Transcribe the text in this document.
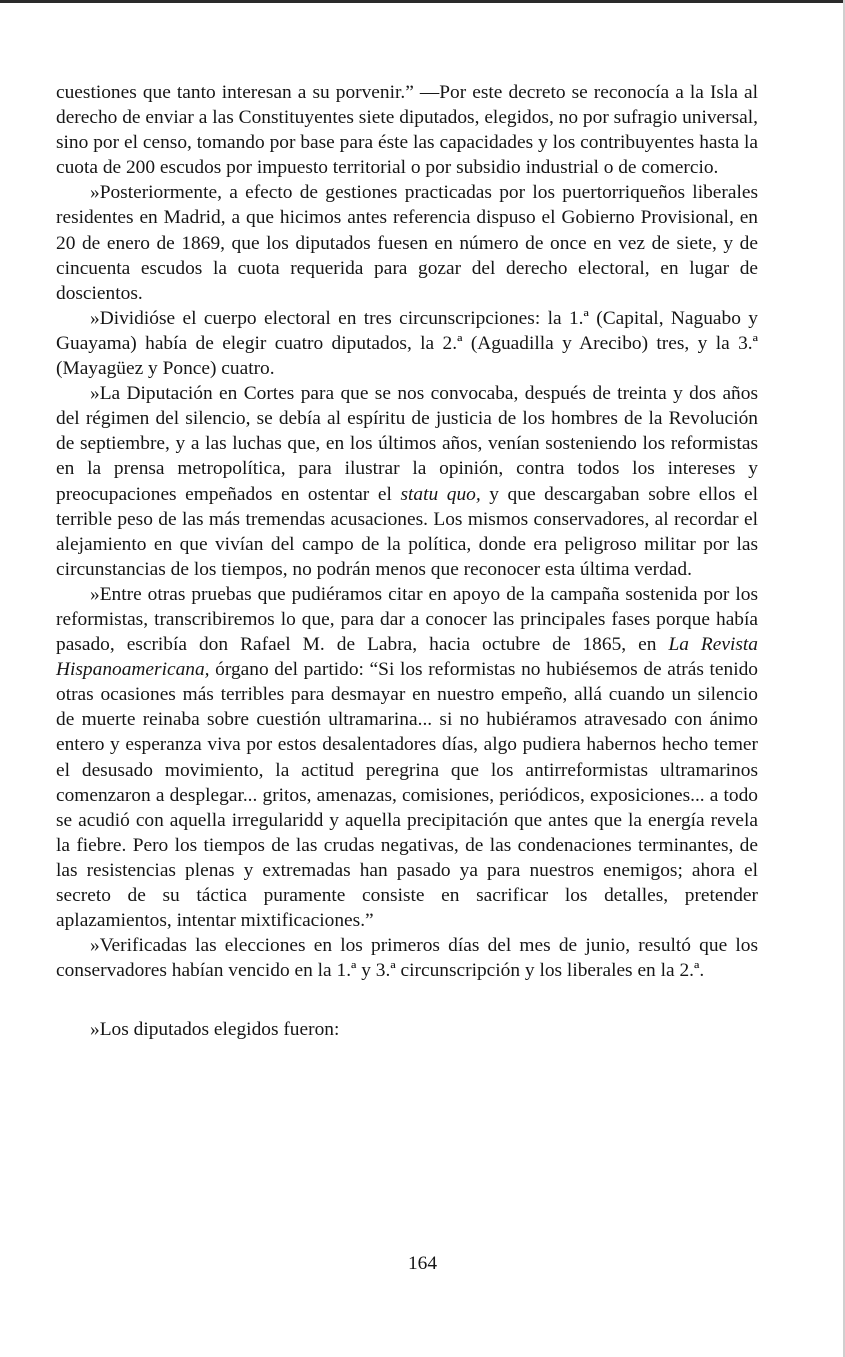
cuestiones que tanto interesan a su porvenir.” —Por este decreto se reconocía a la Isla al derecho de enviar a las Constituyentes siete diputados, elegidos, no por sufragio universal, sino por el censo, tomando por base para éste las capacidades y los contribuyentes hasta la cuota de 200 escudos por impuesto territorial o por subsidio industrial o de comercio.

»Posteriormente, a efecto de gestiones practicadas por los puertorriqueños liberales residentes en Madrid, a que hicimos antes referencia dispuso el Gobierno Provisional, en 20 de enero de 1869, que los diputados fuesen en número de once en vez de siete, y de cincuenta escudos la cuota requerida para gozar del derecho electoral, en lugar de doscientos.

»Dividióse el cuerpo electoral en tres circunscripciones: la 1.ª (Capital, Naguabo y Guayama) había de elegir cuatro diputados, la 2.ª (Aguadilla y Arecibo) tres, y la 3.ª (Mayagüez y Ponce) cuatro.

»La Diputación en Cortes para que se nos convocaba, después de treinta y dos años del régimen del silencio, se debía al espíritu de justicia de los hombres de la Revolución de septiembre, y a las luchas que, en los últimos años, venían sosteniendo los reformistas en la prensa metropolítica, para ilustrar la opinión, contra todos los intereses y preocupaciones empeñados en ostentar el statu quo, y que descargaban sobre ellos el terrible peso de las más tremendas acusaciones. Los mismos conservadores, al recordar el alejamiento en que vivían del campo de la política, donde era peligroso militar por las circunstancias de los tiempos, no podrán menos que reconocer esta última verdad.

»Entre otras pruebas que pudiéramos citar en apoyo de la campaña sostenida por los reformistas, transcribiremos lo que, para dar a conocer las principales fases porque había pasado, escribía don Rafael M. de Labra, hacia octubre de 1865, en La Revista Hispanoamericana, órgano del partido: “Si los reformistas no hubiésemos de atrás tenido otras ocasiones más terribles para desmayar en nuestro empeño, allá cuando un silencio de muerte reinaba sobre cuestión ultramarina... si no hubiéramos atravesado con ánimo entero y esperanza viva por estos desalentadores días, algo pudiera habernos hecho temer el desusado movimiento, la actitud peregrina que los antirreformistas ultramarinos comenzaron a desplegar... gritos, amenazas, comisiones, periódicos, exposiciones... a todo se acudió con aquella irregularidd y aquella precipitación que antes que la energía revela la fiebre. Pero los tiempos de las crudas negativas, de las condenaciones terminantes, de las resistencias plenas y extremadas han pasado ya para nuestros enemigos; ahora el secreto de su táctica puramente consiste en sacrificar los detalles, pretender aplazamientos, intentar mixtificaciones.”

»Verificadas las elecciones en los primeros días del mes de junio, resultó que los conservadores habían vencido en la 1.ª y 3.ª circunscripción y los liberales en la 2.ª.

»Los diputados elegidos fueron:

164
